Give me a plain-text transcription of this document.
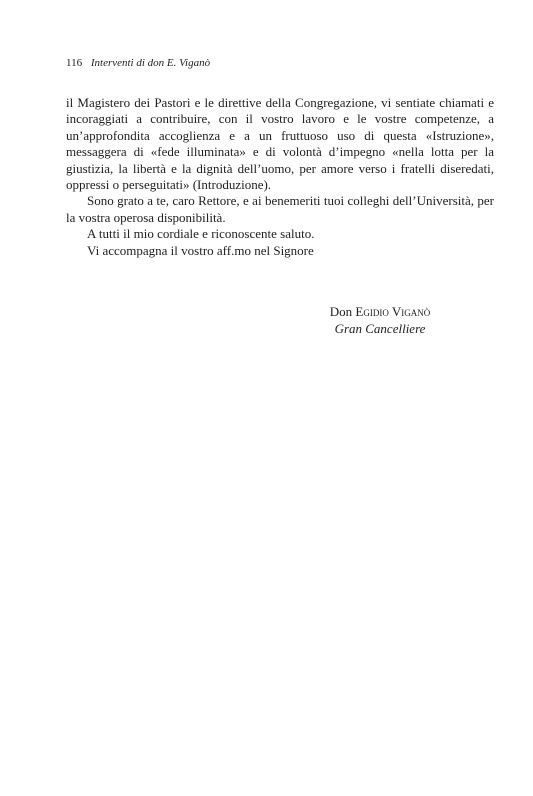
116 Interventi di don E. Viganò

il Magistero dei Pastori e le direttive della Congregazione, vi sentiate chiamati e incoraggiati a contribuire, con il vostro lavoro e le vostre competenze, a un’approfondita accoglienza e a un fruttuoso uso di questa «Istruzione», messaggera di «fede illuminata» e di volontà d’impegno «nella lotta per la giustizia, la libertà e la dignità dell’uomo, per amore verso i fratelli diseredati, oppressi o perseguitati» (Introduzione).

Sono grato a te, caro Rettore, e ai benemeriti tuoi colleghi dell’Università, per la vostra operosa disponibilità.

A tutti il mio cordiale e riconoscente saluto.

Vi accompagna il vostro aff.mo nel Signore

Don Egidio Viganò
Gran Cancelliere
